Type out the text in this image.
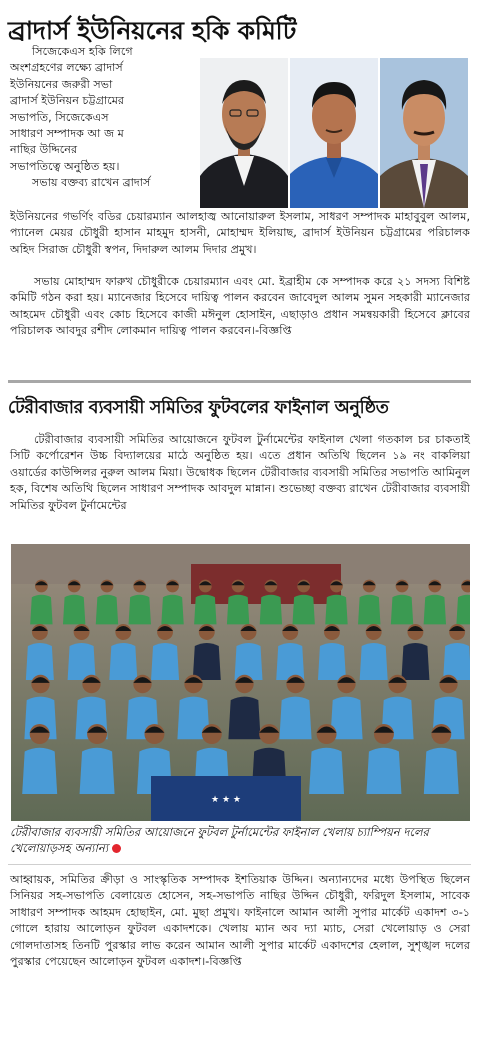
ব্রাদার্স ইউনিয়নের হকি কমিটি
সিজেকেএস হকি লিগে
অংশগ্রহণের লক্ষ্যে ব্রাদার্স
ইউনিয়নের জরুরী সভা
ব্রাদার্স ইউনিয়ন চট্টগ্রামের
সভাপতি, সিজেকেএস
সাধারণ সম্পাদক আ জ ম
নাছির উদ্দিনের
সভাপতিত্বে অনুষ্ঠিত হয়।
সভায় বক্তব্য রাখেন ব্রাদার্স
ইউনিয়নের গভর্ণিং বডির চেয়ারম্যান আলহাজ্ব আনোয়ারুল ইসলাম, সাধরণ সম্পাদক মাহাবুবুল আলম, প্যানেল মেয়র চৌধুরী হাসান মাহমুদ হাসনী, মোহাম্মদ ইলিয়াছ, ব্রাদার্স ইউনিয়ন চট্টগ্রামের পরিচালক অহিদ সিরাজ চৌধুরী স্বপন, দিদারুল আলম দিদার প্রমুখ।
সভায় মোহাম্মদ ফারুখ চৌধুরীকে চেয়ারম্যান এবং মো. ইব্রাহীম কে সম্পাদক করে ২১ সদস্য বিশিষ্ট কমিটি গঠন করা হয়। ম্যানেজার হিসেবে দায়িত্ব পালন করবেন জাবেদুল আলম সুমন সহকারী ম্যানেজার আহমেদ চৌধুরী এবং কোচ হিসেবে কাজী মঈনুল হোসাইন, এছাড়াও প্রধান সমন্বয়কারী হিসেবে ক্লাবের পরিচালক আবদুর রশীদ লোকমান দায়িত্ব পালন করবেন।-বিজ্ঞপ্তি
টেরীবাজার ব্যবসায়ী সমিতির ফুটবলের ফাইনাল অনুষ্ঠিত
টেরীবাজার ব্যবসায়ী সমিতির আয়োজনে ফুটবল টুর্নামেন্টের ফাইনাল খেলা গতকাল চর চাকতাই সিটি কর্পোরেশন উচ্চ বিদ্যালয়ের মাঠে অনুষ্ঠিত হয়। এতে প্রধান অতিথি ছিলেন ১৯ নং বাকলিয়া ওয়ার্ডের কাউন্সিলর নুরুল আলম মিয়া। উদ্বোধক ছিলেন টেরীবাজার ব্যবসায়ী সমিতির সভাপতি আমিনুল হক, বিশেষ অতিথি ছিলেন সাধারণ সম্পাদক আবদুল মান্নান। শুভেচ্ছা বক্তব্য রাখেন টেরীবাজার ব্যবসায়ী সমিতির ফুটবল টুর্নামেন্টের
★ ★ ★
টেরীবাজার ব্যবসায়ী সমিতির আয়োজনে ফুটবল টুর্নামেন্টের ফাইনাল খেলায় চ্যাম্পিয়ন দলের খেলোয়াড়সহ অন্যান্য
আহ্বায়ক, সমিতির ক্রীড়া ও সাংস্কৃতিক সম্পাদক ইশতিয়াক উদ্দিন। অন্যান্যদের মধ্যে উপস্থিত ছিলেন সিনিয়র সহ-সভাপতি বেলায়েত হোসেন, সহ-সভাপতি নাছির উদ্দিন চৌধুরী, ফরিদুল ইসলাম, সাবেক সাধারণ সম্পাদক আহমদ হোছাইন, মো. মুছা প্রমুখ। ফাইনালে আমান আলী সুপার মার্কেট একাদশ ৩-১ গোলে হারায় আলোড়ন ফুটবল একাদশকে। খেলায় ম্যান অব দ্যা ম্যাচ, সেরা খেলোয়াড় ও সেরা গোলদাতাসহ তিনটি পুরস্কার লাভ করেন আমান আলী সুপার মার্কেট একাদশের হেলাল, সুশৃঙ্খল দলের পুরস্কার পেয়েছেন আলোড়ন ফুটবল একাদশ।-বিজ্ঞপ্তি
